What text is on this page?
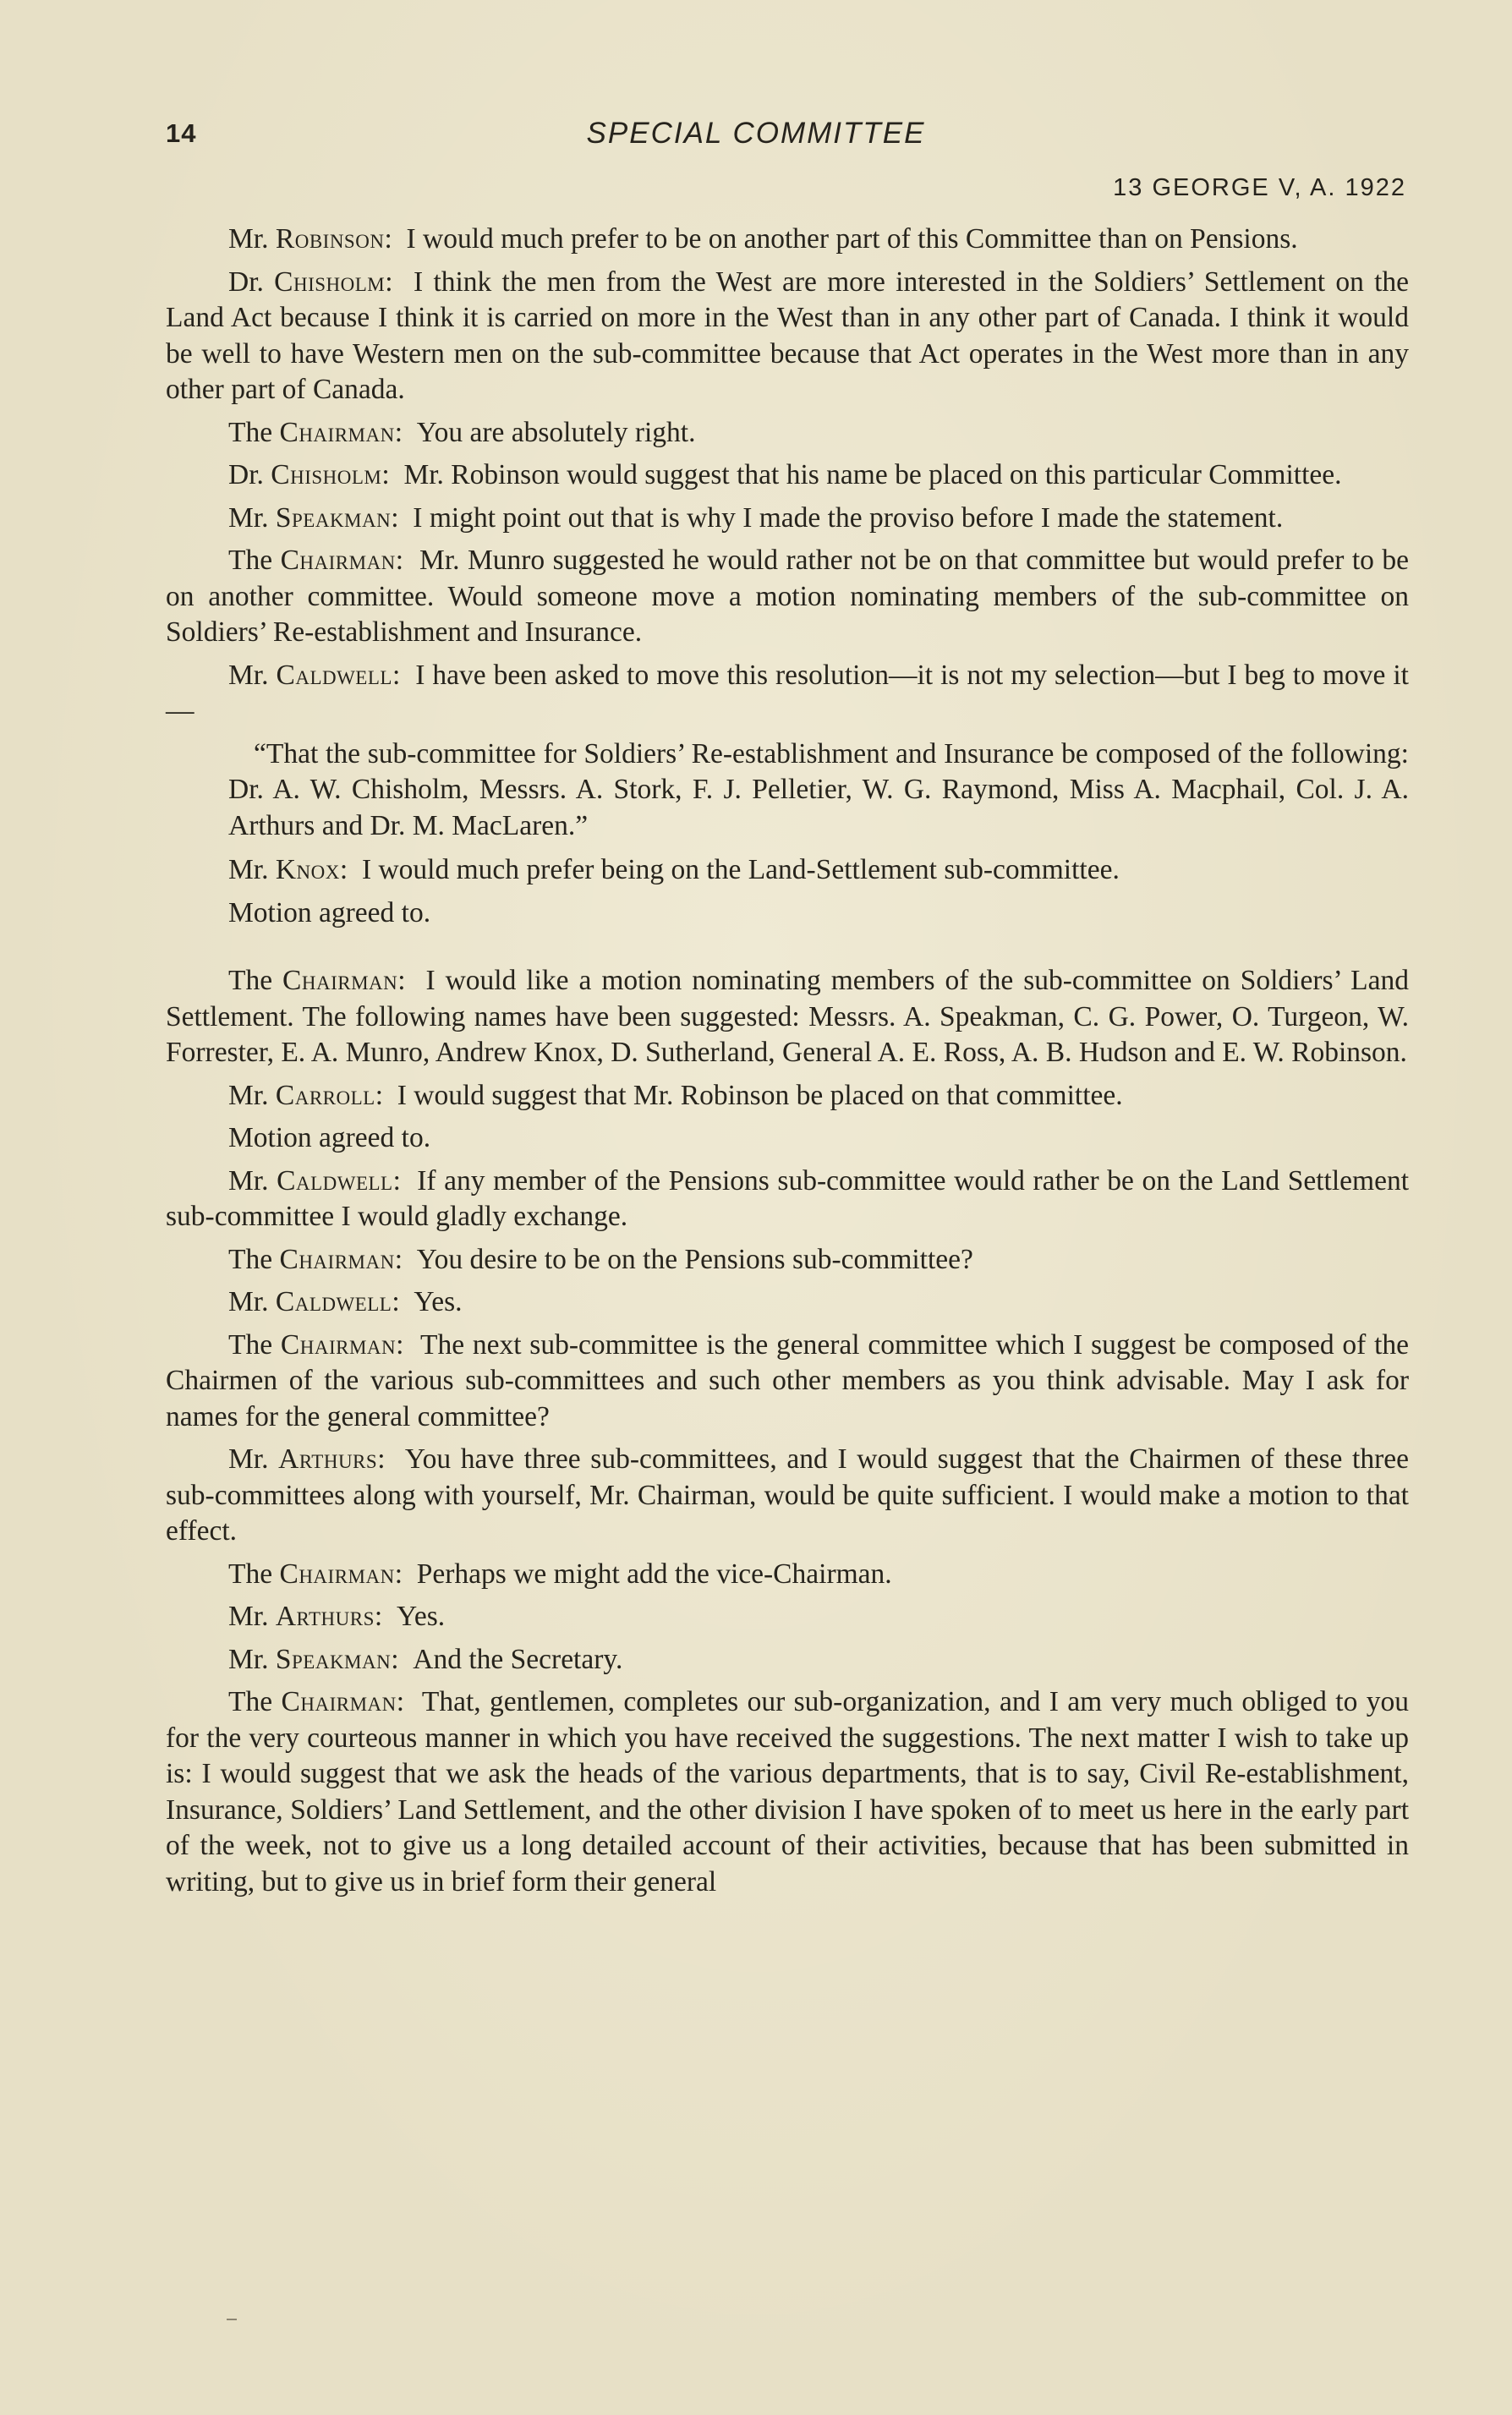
14	SPECIAL COMMITTEE
13 GEORGE V, A. 1922

Mr. Robinson:  I would much prefer to be on another part of this Committee than on Pensions.

Dr. Chisholm:  I think the men from the West are more interested in the Soldiers’ Settlement on the Land Act because I think it is carried on more in the West than in any other part of Canada. I think it would be well to have Western men on the sub-committee because that Act operates in the West more than in any other part of Canada.

The Chairman:  You are absolutely right.

Dr. Chisholm:  Mr. Robinson would suggest that his name be placed on this particular Committee.

Mr. Speakman:  I might point out that is why I made the proviso before I made the statement.

The Chairman:  Mr. Munro suggested he would rather not be on that committee but would prefer to be on another committee. Would someone move a motion nominating members of the sub-committee on Soldiers’ Re-establishment and Insurance.

Mr. Caldwell:  I have been asked to move this resolution—it is not my selection—but I beg to move it—

“That the sub-committee for Soldiers’ Re-establishment and Insurance be composed of the following: Dr. A. W. Chisholm, Messrs. A. Stork, F. J. Pelletier, W. G. Raymond, Miss A. Macphail, Col. J. A. Arthurs and Dr. M. MacLaren.”

Mr. Knox:  I would much prefer being on the Land-Settlement sub-committee.

Motion agreed to.

The Chairman:  I would like a motion nominating members of the sub-committee on Soldiers’ Land Settlement. The following names have been suggested: Messrs. A. Speakman, C. G. Power, O. Turgeon, W. Forrester, E. A. Munro, Andrew Knox, D. Sutherland, General A. E. Ross, A. B. Hudson and E. W. Robinson.

Mr. Carroll:  I would suggest that Mr. Robinson be placed on that committee.

Motion agreed to.

Mr. Caldwell:  If any member of the Pensions sub-committee would rather be on the Land Settlement sub-committee I would gladly exchange.

The Chairman:  You desire to be on the Pensions sub-committee?

Mr. Caldwell:  Yes.

The Chairman:  The next sub-committee is the general committee which I suggest be composed of the Chairmen of the various sub-committees and such other members as you think advisable. May I ask for names for the general committee?

Mr. Arthurs:  You have three sub-committees, and I would suggest that the Chairmen of these three sub-committees along with yourself, Mr. Chairman, would be quite sufficient. I would make a motion to that effect.

The Chairman:  Perhaps we might add the vice-Chairman.

Mr. Arthurs:  Yes.

Mr. Speakman:  And the Secretary.

The Chairman:  That, gentlemen, completes our sub-organization, and I am very much obliged to you for the very courteous manner in which you have received the suggestions. The next matter I wish to take up is: I would suggest that we ask the heads of the various departments, that is to say, Civil Re-establishment, Insurance, Soldiers’ Land Settlement, and the other division I have spoken of to meet us here in the early part of the week, not to give us a long detailed account of their activities, because that has been submitted in writing, but to give us in brief form their general
